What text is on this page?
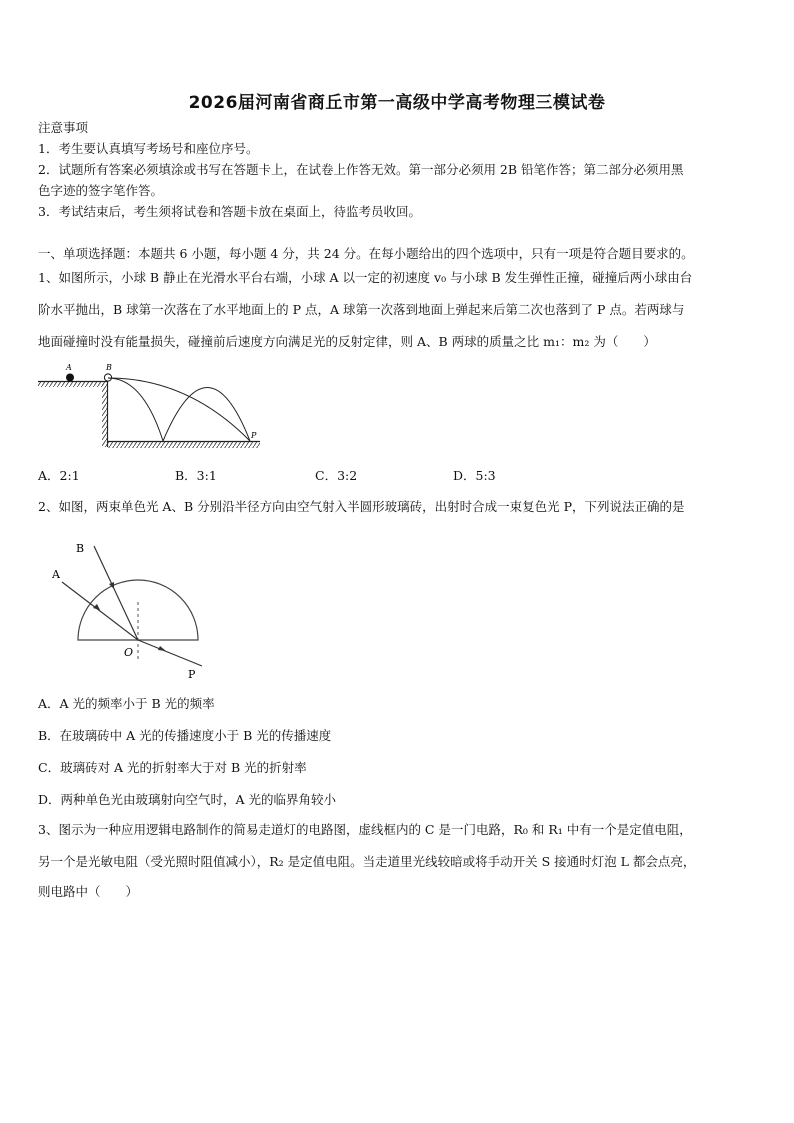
2026届河南省商丘市第一高级中学高考物理三模试卷
注意事项
1．考生要认真填写考场号和座位序号。
2．试题所有答案必须填涂或书写在答题卡上，在试卷上作答无效。第一部分必须用 2B 铅笔作答；第二部分必须用黑
色字迹的签字笔作答。
3．考试结束后，考生须将试卷和答题卡放在桌面上，待监考员收回。
一、单项选择题：本题共 6 小题，每小题 4 分，共 24 分。在每小题给出的四个选项中，只有一项是符合题目要求的。
1、如图所示，小球 B 静止在光滑水平台右端，小球 A 以一定的初速度 v₀ 与小球 B 发生弹性正撞，碰撞后两小球由台
阶水平抛出，B 球第一次落在了水平地面上的 P 点，A 球第一次落到地面上弹起来后第二次也落到了 P 点。若两球与
地面碰撞时没有能量损失，碰撞前后速度方向满足光的反射定律，则 A、B 两球的质量之比 m₁：m₂ 为（　　）
A	B
P
A．2:1	B．3:1	C．3:2	D．5:3
2、如图，两束单色光 A、B 分别沿半径方向由空气射入半圆形玻璃砖，出射时合成一束复色光 P，下列说法正确的是
A
B
P
O
A．A 光的频率小于 B 光的频率
B．在玻璃砖中 A 光的传播速度小于 B 光的传播速度
C．玻璃砖对 A 光的折射率大于对 B 光的折射率
D．两种单色光由玻璃射向空气时，A 光的临界角较小
3、图示为一种应用逻辑电路制作的简易走道灯的电路图，虚线框内的 C 是一门电路，R₀ 和 R₁ 中有一个是定值电阻，
另一个是光敏电阻（受光照时阻值减小），R₂ 是定值电阻。当走道里光线较暗或将手动开关 S 接通时灯泡 L 都会点亮，
则电路中（　　）
